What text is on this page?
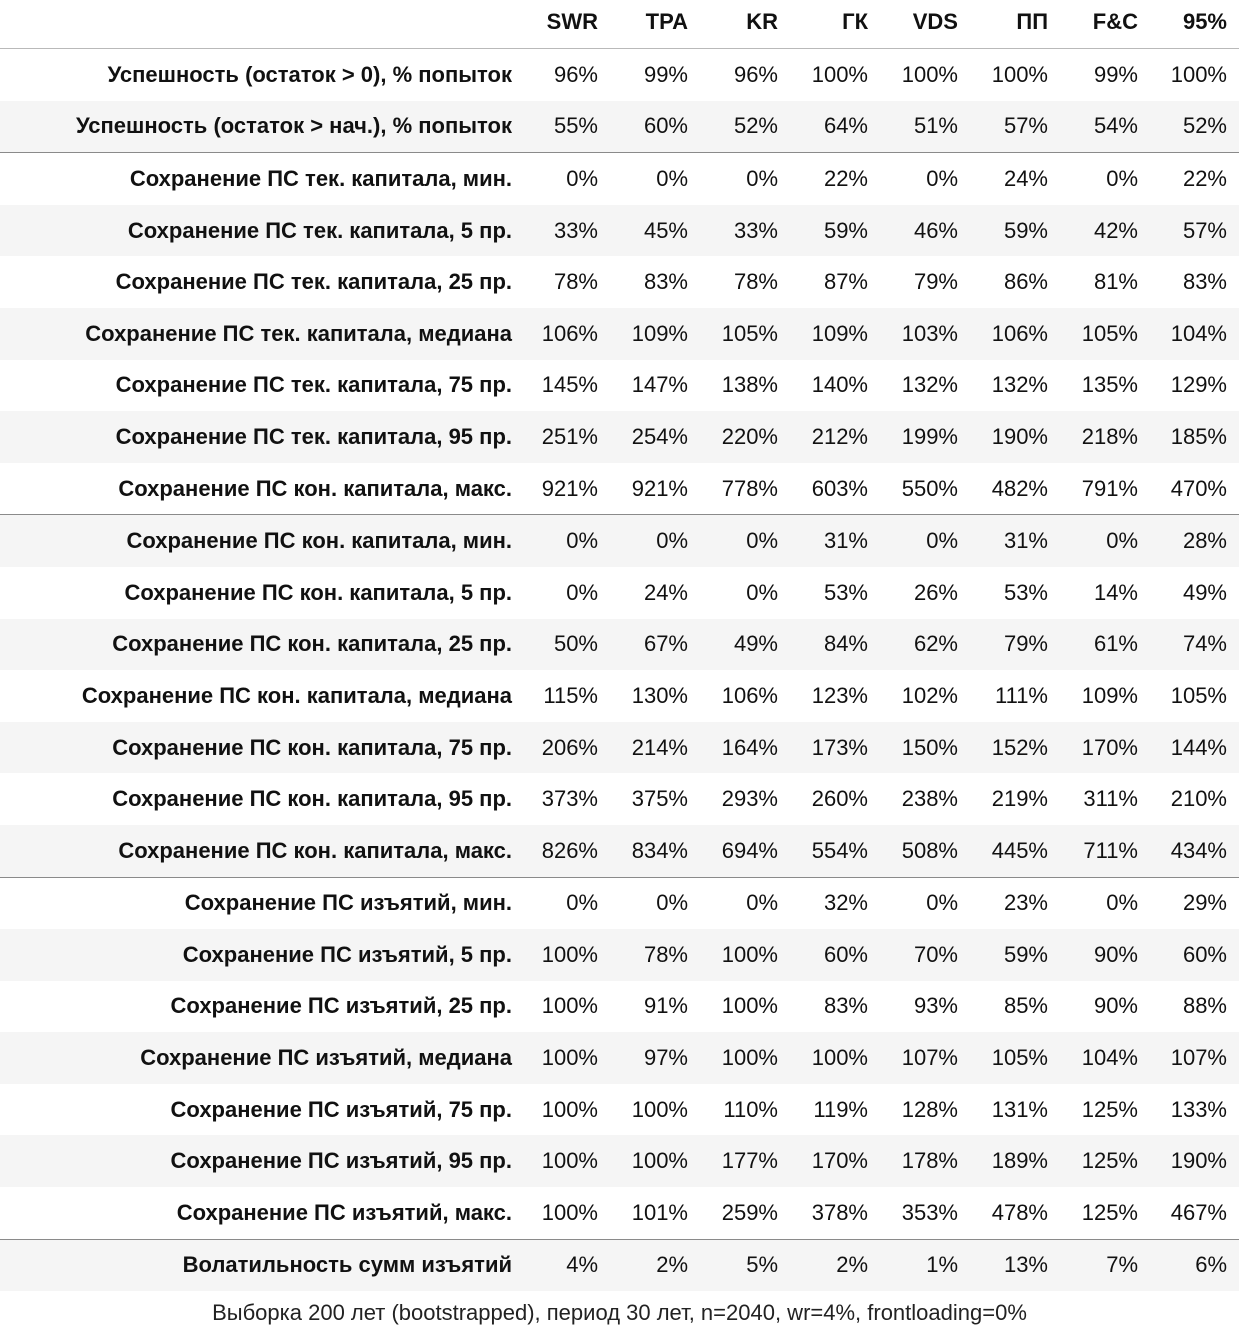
	SWR	TPA	KR	ГК	VDS	ПП	F&C	95%
Успешность (остаток > 0), % попыток	96%	99%	96%	100%	100%	100%	99%	100%
Успешность (остаток > нач.), % попыток	55%	60%	52%	64%	51%	57%	54%	52%
Сохранение ПС тек. капитала, мин.	0%	0%	0%	22%	0%	24%	0%	22%
Сохранение ПС тек. капитала, 5 пр.	33%	45%	33%	59%	46%	59%	42%	57%
Сохранение ПС тек. капитала, 25 пр.	78%	83%	78%	87%	79%	86%	81%	83%
Сохранение ПС тек. капитала, медиана	106%	109%	105%	109%	103%	106%	105%	104%
Сохранение ПС тек. капитала, 75 пр.	145%	147%	138%	140%	132%	132%	135%	129%
Сохранение ПС тек. капитала, 95 пр.	251%	254%	220%	212%	199%	190%	218%	185%
Сохранение ПС кон. капитала, макс.	921%	921%	778%	603%	550%	482%	791%	470%
Сохранение ПС кон. капитала, мин.	0%	0%	0%	31%	0%	31%	0%	28%
Сохранение ПС кон. капитала, 5 пр.	0%	24%	0%	53%	26%	53%	14%	49%
Сохранение ПС кон. капитала, 25 пр.	50%	67%	49%	84%	62%	79%	61%	74%
Сохранение ПС кон. капитала, медиана	115%	130%	106%	123%	102%	111%	109%	105%
Сохранение ПС кон. капитала, 75 пр.	206%	214%	164%	173%	150%	152%	170%	144%
Сохранение ПС кон. капитала, 95 пр.	373%	375%	293%	260%	238%	219%	311%	210%
Сохранение ПС кон. капитала, макс.	826%	834%	694%	554%	508%	445%	711%	434%
Сохранение ПС изъятий, мин.	0%	0%	0%	32%	0%	23%	0%	29%
Сохранение ПС изъятий, 5 пр.	100%	78%	100%	60%	70%	59%	90%	60%
Сохранение ПС изъятий, 25 пр.	100%	91%	100%	83%	93%	85%	90%	88%
Сохранение ПС изъятий, медиана	100%	97%	100%	100%	107%	105%	104%	107%
Сохранение ПС изъятий, 75 пр.	100%	100%	110%	119%	128%	131%	125%	133%
Сохранение ПС изъятий, 95 пр.	100%	100%	177%	170%	178%	189%	125%	190%
Сохранение ПС изъятий, макс.	100%	101%	259%	378%	353%	478%	125%	467%
Волатильность сумм изъятий	4%	2%	5%	2%	1%	13%	7%	6%
Выборка 200 лет (bootstrapped), период 30 лет, n=2040, wr=4%, frontloading=0%
